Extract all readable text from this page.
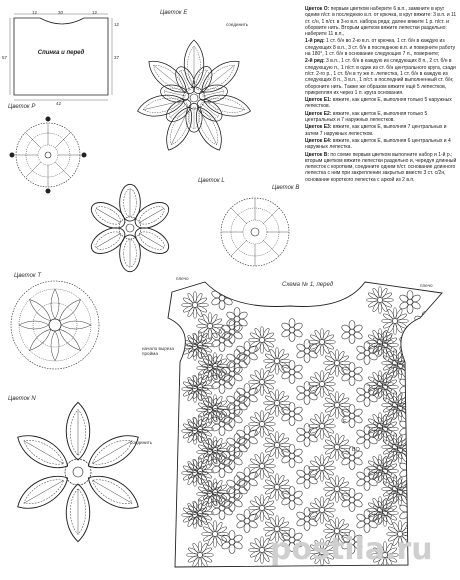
12	30	12
12
37
57
42
Спинка и перед
Цветок Е
Цветок Р
Цветок L
Цветок В
Цветок Т
Цветок N
соединить
соединить
Схема № 1, перед
плечо
плечо
начало выреза
пройма
Е
ВО

Цветок О: первым цветком наберите 6 в.п., замкните в круг одним п/ст. в последнюю в.п. от крючка, в круг вяжите: 3 в.п. и 11 ст. с/н, 1 п/ст. в 3-ю в.п. набора ряда; далее вяжите 1 р. п/ст. и оборвите нить. Вторым цветком вяжите лепестки раздельно: наберите 11 в.п.,

1-й ряд: 1 ст. б/н во 2-ю в.п. от крючка, 1 ст. б/н в каждую из следующих 8 в.п., 3 ст. б/н в последнюю в.п. и поверните работу на 180°, 1 ст. б/н в основание следующих 7 п., поверните;

2-й ряд: 3 в.п., 1 ст. б/н в каждую из следующих 8 п., 2 ст. б/н в следующую п., 1 п/ст. в один из ст. б/н центрального круга, сзади п/ст. 2-го р., 1 ст. б/н в ту же п. лепестка, 1 ст. б/н в каждую из следующих 8 п., 3 в.п., 1 п/ст. в последний выполненный ст. б/н; обороните нить. Также же образом вяжите ещё 5 лепестков, прикрепляя их через 1 п. круга основания.

Цветок Е1: вяжите, как цветок Е, выполняя только 5 наружных лепестков.

Цветок Е2: вяжите, как цветок Е, выполняя только 5 центральных и 7 наружных лепестков.

Цветок Е3: вяжите, как цветок Е, выполняя 7 центральных и затем 7 наружных лепестков.

Цветок Е4: вяжите, как цветок Е, выполняя 6 центральных и 4 наружных лепестка.

Цветок В: по схеме первым цветком выполните набор и 1-й р.; вторым цветком вяжите лепестки раздельно и, чередуя длинный лепесток с коротким, соедините одним п/ст. основание длинного лепестка с ним при закреплении закрытых вместе 3 ст. с/2н, основание короткого лепестка с аркой из 2 в.п.

postila.ru
